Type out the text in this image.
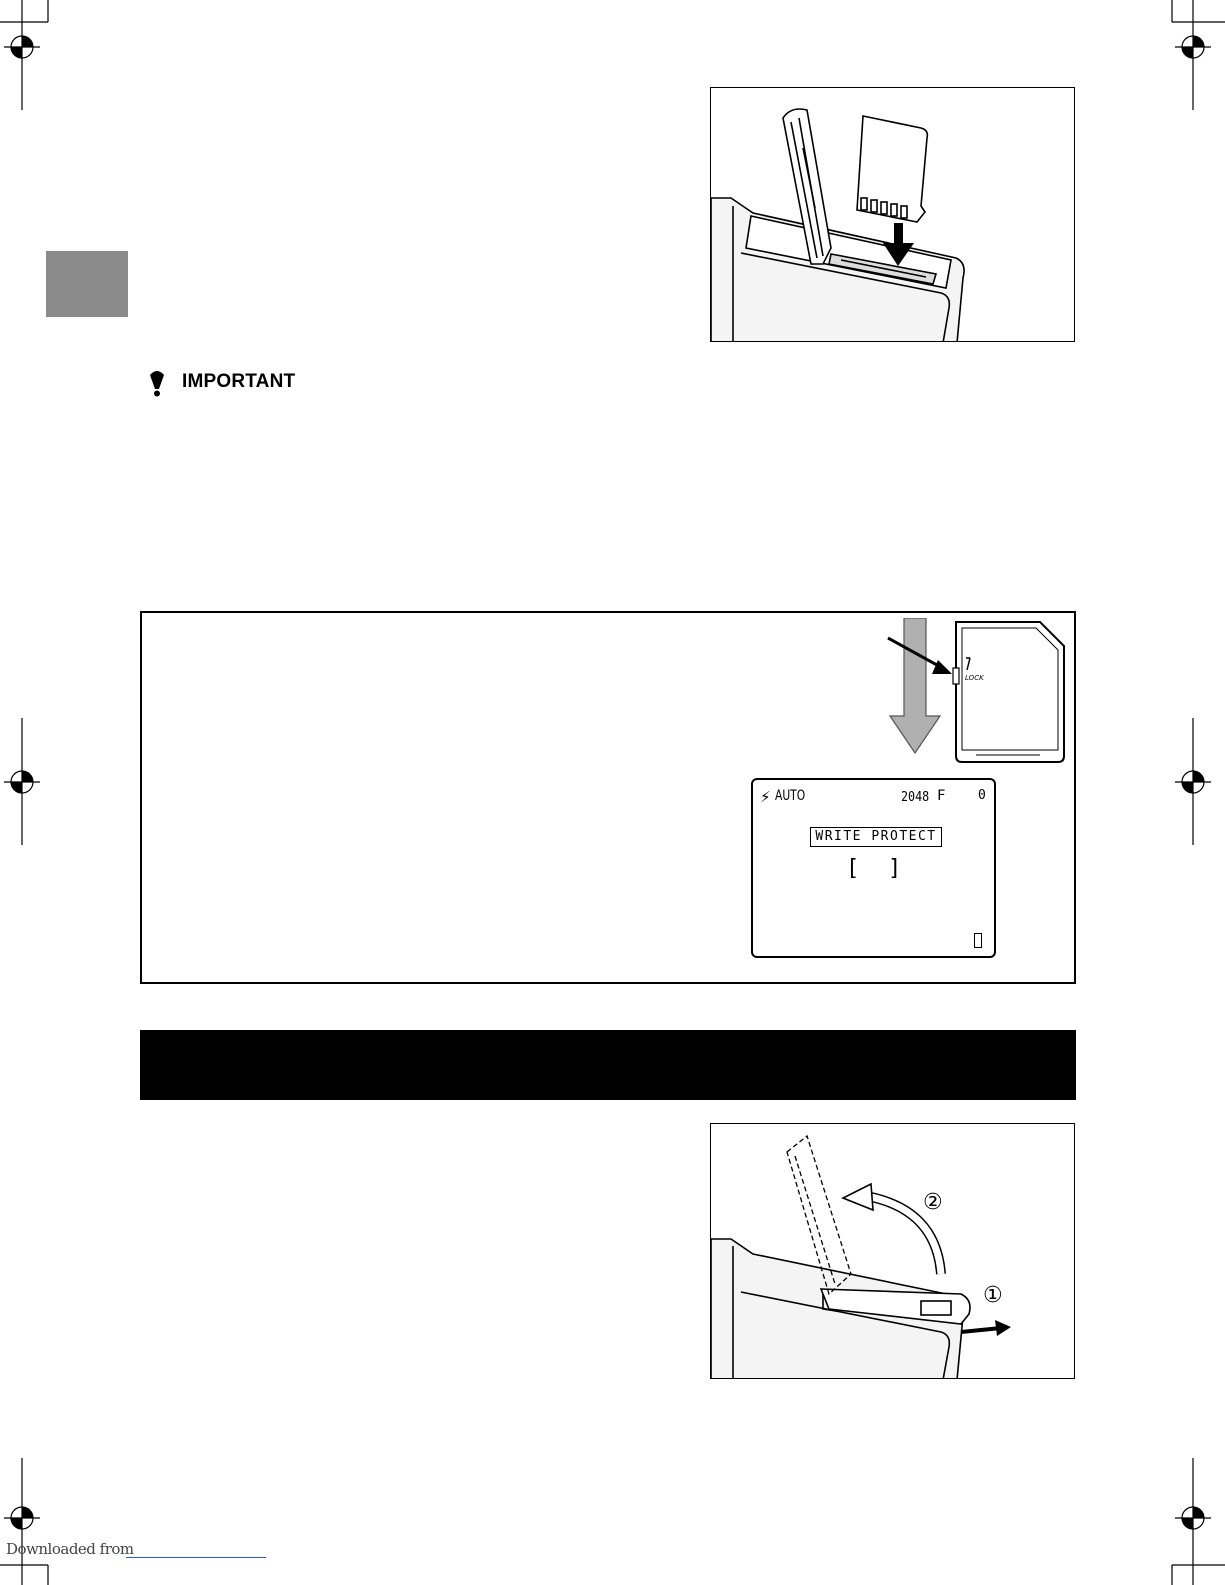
IMPORTANT
LOCK
⚡ AUTO	2048 F	0
WRITE PROTECT
[ ]
②
①
Downloaded from
